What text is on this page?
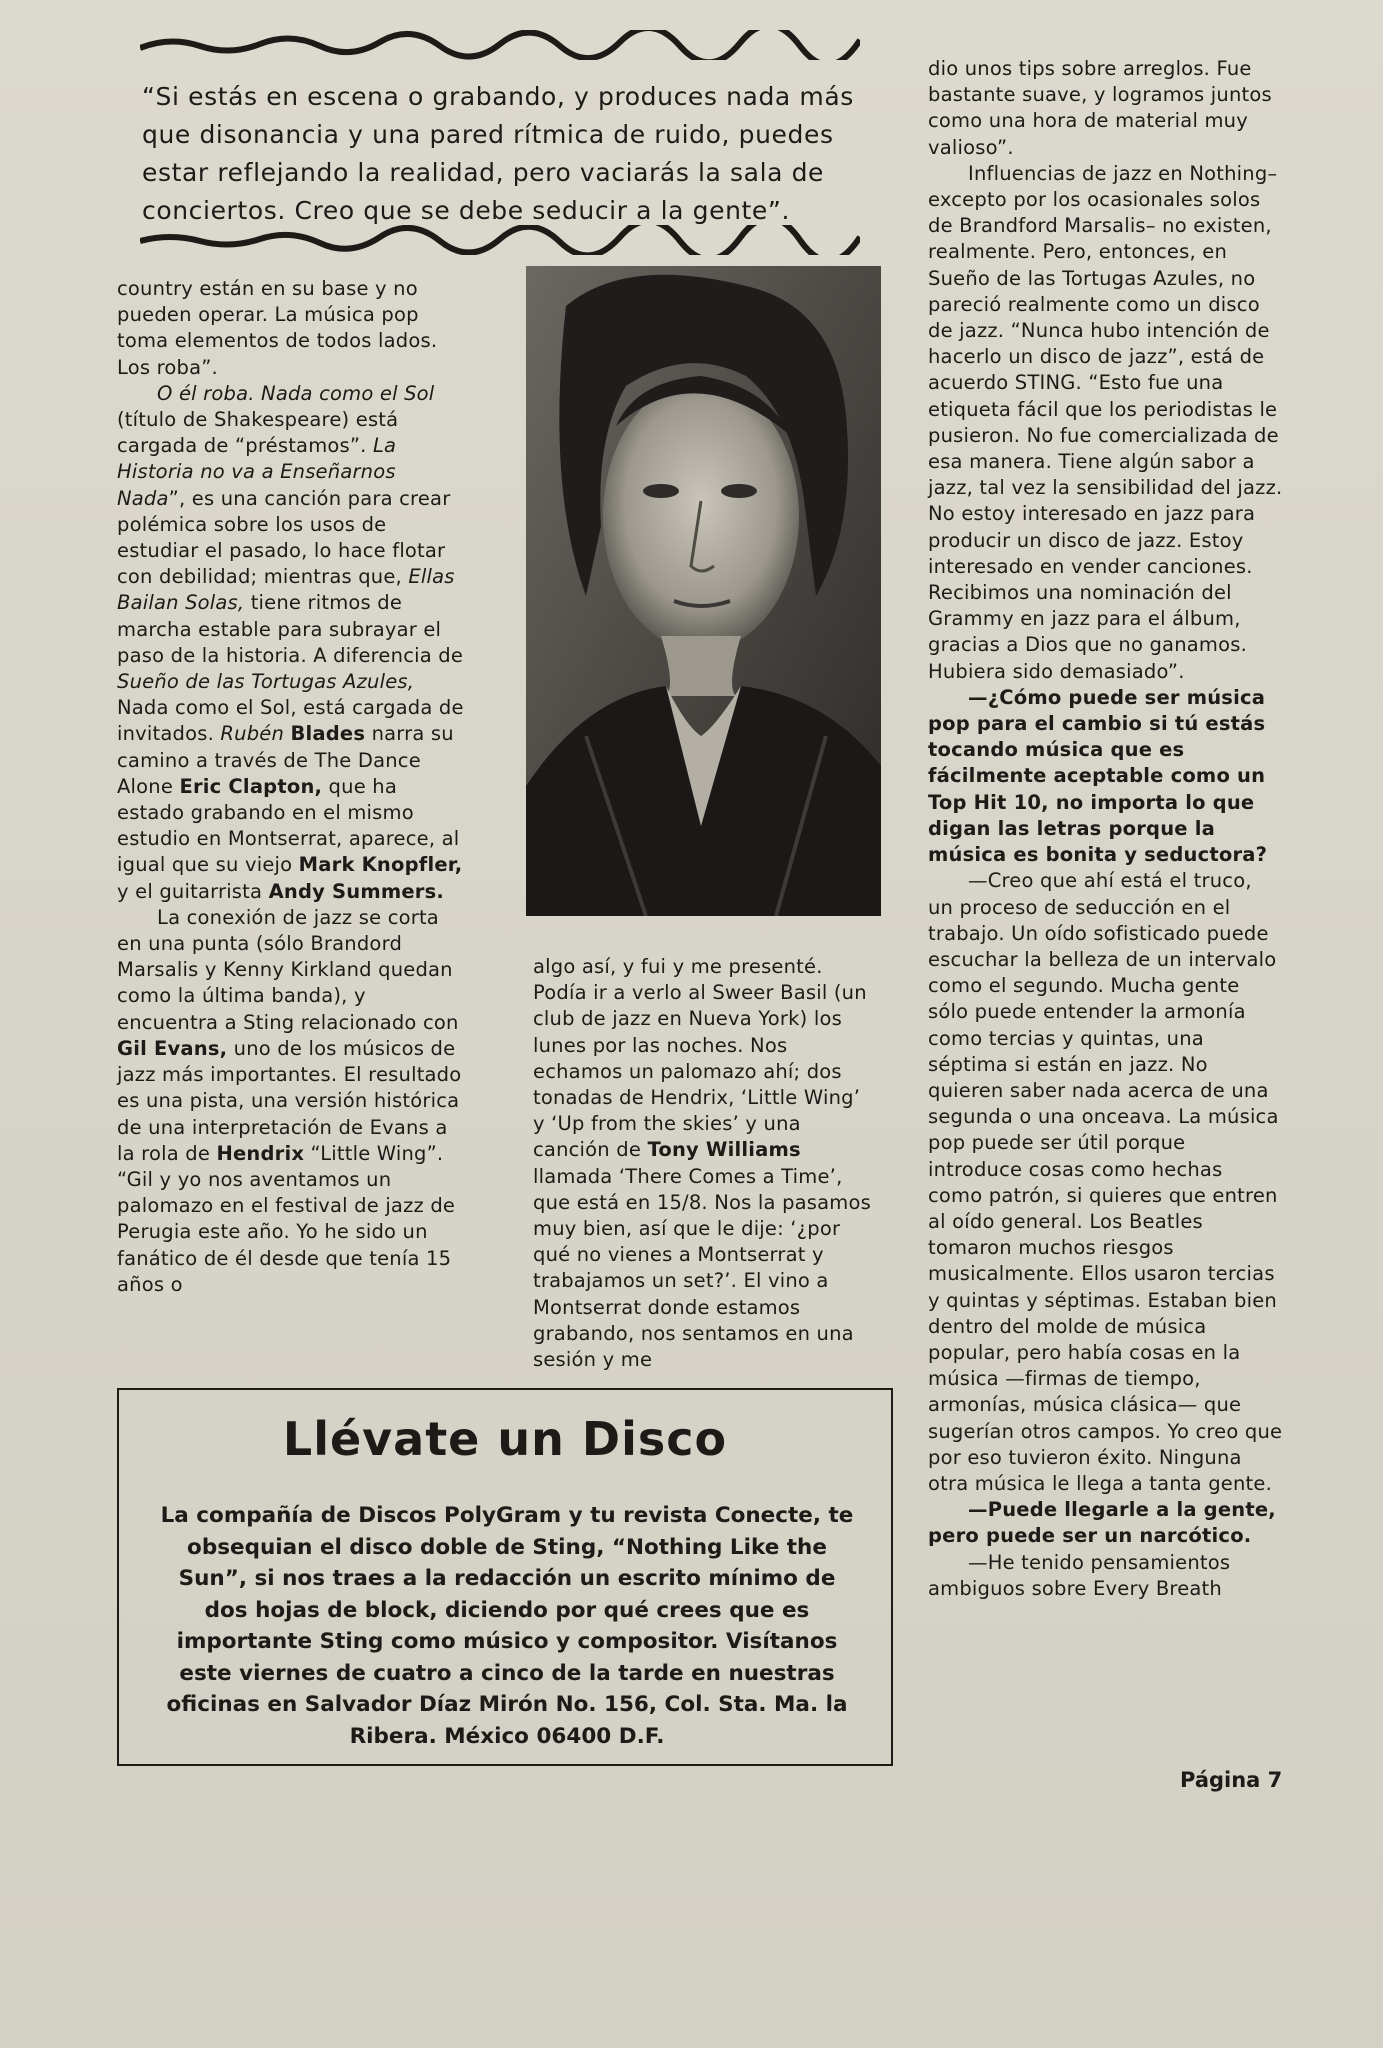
“Si estás en escena o grabando, y produces nada más que disonancia y una pared rítmica de ruido, puedes estar reflejando la realidad, pero vaciarás la sala de conciertos. Creo que se debe seducir a la gente”.

country están en su base y no pueden operar. La música pop toma elementos de todos lados. Los roba”.

O él roba. Nada como el Sol (título de Shakespeare) está cargada de “préstamos”. La Historia no va a Enseñarnos Nada”, es una canción para crear polémica sobre los usos de estudiar el pasado, lo hace flotar con debilidad; mientras que, Ellas Bailan Solas, tiene ritmos de marcha estable para subrayar el paso de la historia. A diferencia de Sueño de las Tortugas Azules, Nada como el Sol, está cargada de invitados. Rubén Blades narra su camino a través de The Dance Alone Eric Clapton, que ha estado grabando en el mismo estudio en Montserrat, aparece, al igual que su viejo Mark Knopfler, y el guitarrista Andy Summers.

La conexión de jazz se corta en una punta (sólo Brandord Marsalis y Kenny Kirkland quedan como la última banda), y encuentra a Sting relacionado con Gil Evans, uno de los músicos de jazz más importantes. El resultado es una pista, una versión histórica de una interpretación de Evans a la rola de Hendrix “Little Wing”. “Gil y yo nos aventamos un palomazo en el festival de jazz de Perugia este año. Yo he sido un fanático de él desde que tenía 15 años o

algo así, y fui y me presenté. Podía ir a verlo al Sweer Basil (un club de jazz en Nueva York) los lunes por las noches. Nos echamos un palomazo ahí; dos tonadas de Hendrix, ‘Little Wing’ y ‘Up from the skies’ y una canción de Tony Williams llamada ‘There Comes a Time’, que está en 15/8. Nos la pasamos muy bien, así que le dije: ‘¿por qué no vienes a Montserrat y trabajamos un set?’. El vino a Montserrat donde estamos grabando, nos sentamos en una sesión y me

dio unos tips sobre arreglos. Fue bastante suave, y logramos juntos como una hora de material muy valioso”.

Influencias de jazz en Nothing– excepto por los ocasionales solos de Brandford Marsalis– no existen, realmente. Pero, entonces, en Sueño de las Tortugas Azules, no pareció realmente como un disco de jazz. “Nunca hubo intención de hacerlo un disco de jazz”, está de acuerdo STING. “Esto fue una etiqueta fácil que los periodistas le pusieron. No fue comercializada de esa manera. Tiene algún sabor a jazz, tal vez la sensibilidad del jazz. No estoy interesado en jazz para producir un disco de jazz. Estoy interesado en vender canciones. Recibimos una nominación del Grammy en jazz para el álbum, gracias a Dios que no ganamos. Hubiera sido demasiado”.

—¿Cómo puede ser música pop para el cambio si tú estás tocando música que es fácilmente aceptable como un Top Hit 10, no importa lo que digan las letras porque la música es bonita y seductora?

—Creo que ahí está el truco, un proceso de seducción en el trabajo. Un oído sofisticado puede escuchar la belleza de un intervalo como el segundo. Mucha gente sólo puede entender la armonía como tercias y quintas, una séptima si están en jazz. No quieren saber nada acerca de una segunda o una onceava. La música pop puede ser útil porque introduce cosas como hechas como patrón, si quieres que entren al oído general. Los Beatles tomaron muchos riesgos musicalmente. Ellos usaron tercias y quintas y séptimas. Estaban bien dentro del molde de música popular, pero había cosas en la música —firmas de tiempo, armonías, música clásica— que sugerían otros campos. Yo creo que por eso tuvieron éxito. Ninguna otra música le llega a tanta gente.

—Puede llegarle a la gente, pero puede ser un narcótico.

—He tenido pensamientos ambiguos sobre Every Breath

Llévate un Disco

La compañía de Discos PolyGram y tu revista Conecte, te obsequian el disco doble de Sting, “Nothing Like the Sun”, si nos traes a la redacción un escrito mínimo de dos hojas de block, diciendo por qué crees que es importante Sting como músico y compositor. Visítanos este viernes de cuatro a cinco de la tarde en nuestras oficinas en Salvador Díaz Mirón No. 156, Col. Sta. Ma. la Ribera. México 06400 D.F.

Página 7
